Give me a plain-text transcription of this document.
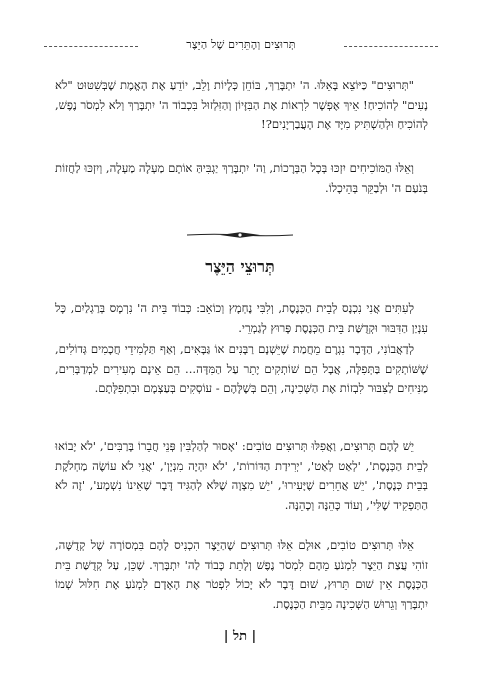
תְּרוּצִים וְהֶתֵּרִים שֶׁל הַיֵּצֶר

"תְּרוּצִים" כַּיּוֹצֵא בָּאֵלּוּ. ה' יִתְבָּרַךְ, בּוֹחֵן כְּלָיוֹת וָלֵב, יוֹדֵעַ אֶת הָאֱמֶת שֶׁבְּשִׁטּוּט "לֹא נָעִים" לְהוֹכִיחַ! אֵיךְ אֶפְשָׁר לִרְאוֹת אֶת הַבִּזָּיוֹן וְהַזִּלְזוּל בִּכְבוֹד ה' יִתְבָּרַךְ וְלֹא לִמְסֹר נֶפֶשׁ, לְהוֹכִיחַ וּלְהַשְׁתִּיק מִיָּד אֶת הָעֲבַרְיָנִים?!

וְאֵלּוּ הַמּוֹכִיחִים יִזְכּוּ בְּכָל הַבְּרָכוֹת, וַה' יִתְבָּרַךְ יַגְבִּיהַּ אוֹתָם מַעְלָה מַעְלָה, וְיִזְכּוּ לַחֲזוֹת בְּנֹעַם ה' וּלְבַקֵּר בְּהֵיכָלוֹ.

תְּרוּצֵי הַיֵּצֶר

לְעִתִּים אֲנִי נִכְנָס לְבֵית הַכְּנֶסֶת, וְלִבִּי נֶחְמָץ וְכוֹאֵב: כְּבוֹד בֵּית ה' נִרְמָס בְּרַגְלַיִם, כָּל עִנְיַן הַדִּבּוּר וּקְדֻשַּׁת בֵּית הַכְּנֶסֶת פָּרוּץ לְגַמְרֵי.

לְדַאֲבוֹנִי, הַדָּבָר נִגְרָם מֵחֲמַת שֶׁיֵּשְׁנָם רַבָּנִים אוֹ גַּבָּאִים, וְאַף תַּלְמִידֵי חֲכָמִים גְּדוֹלִים, שֶׁשּׁוֹתְקִים בַּתְּפִלָּה, אֲבָל הֵם שׁוֹתְקִים יָתֵר עַל הַמִּדָּה... הֵם אֵינָם מְעִירִים לַמְדַבְּרִים, מַנִּיחִים לַצִּבּוּר לִבְזוֹת אֶת הַשְּׁכִינָה, וְהֵם בְּשֶׁלָּהֶם - עוֹסְקִים בְּעַצְמָם וּבִתְפִלָּתָם.

יֵשׁ לָהֶם תְּרוּצִים, וַאֲפִלּוּ תְּרוּצִים טוֹבִים: 'אָסוּר לְהַלְבִּין פְּנֵי חֲבֵרוֹ בָּרַבִּים', 'לֹא יָבוֹאוּ לְבֵית הַכְּנֶסֶת', 'לְאַט לְאַט', 'יְרִידַת הַדּוֹרוֹת', 'לֹא יִהְיֶה מִנְיָן', 'אֲנִי לֹא עוֹשֶׂה מַחְלֹקֶת בְּבֵית כְּנֶסֶת', 'יֵשׁ אֲחֵרִים שֶׁיָּעִירוּ', 'יֵשׁ מִצְוָה שֶׁלֹּא לְהַגִּיד דָּבָר שֶׁאֵינוֹ נִשְׁמָע', 'זֶה לֹא הַתַּפְקִיד שֶׁלִּי', וְעוֹד כָּהֵנָּה וְכָהֵנָּה.

אֵלּוּ תְּרוּצִים טוֹבִים, אוּלָם אֵלּוּ תְּרוּצִים שֶׁהַיֵּצֶר הִכְנִיס לָהֶם בִּמְסוֹרָה שֶׁל קְדֻשָּׁה, זוֹהִי עֲצַת הַיֵּצֶר לִמְנֹעַ מֵהֶם לִמְסֹר נֶפֶשׁ וְלָתֵת כָּבוֹד לַה' יִתְבָּרַךְ. שֶׁכֵּן, עַל קְדֻשַּׁת בֵּית הַכְּנֶסֶת אֵין שׁוּם תֵּרוּץ, שׁוּם דָּבָר לֹא יָכוֹל לִפְטֹר אֶת הָאָדָם לִמְנֹעַ אֶת חִלּוּל שְׁמוֹ יִתְבָּרַךְ וְגֵרוּשׁ הַשְּׁכִינָה מִבֵּית הַכְּנֶסֶת.

| תל |
